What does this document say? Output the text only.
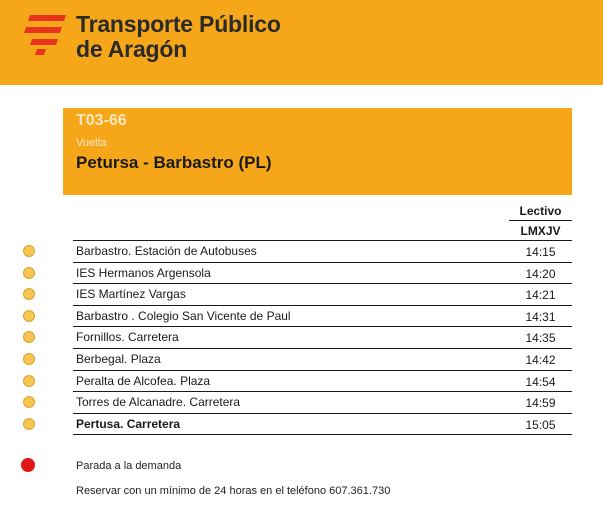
Transporte Público
de Aragón
T03-66
Vuelta
Petursa - Barbastro (PL)
Lectivo
LMXJV
Barbastro. Estación de Autobuses	14:15
IES Hermanos Argensola	14:20
IES Martínez Vargas	14:21
Barbastro . Colegio San Vicente de Paul	14:31
Fornillos. Carretera	14:35
Berbegal. Plaza	14:42
Peralta de Alcofea. Plaza	14:54
Torres de Alcanadre. Carretera	14:59
Pertusa. Carretera	15:05
Parada a la demanda
Reservar con un mínimo de 24 horas en el teléfono 607.361.730
